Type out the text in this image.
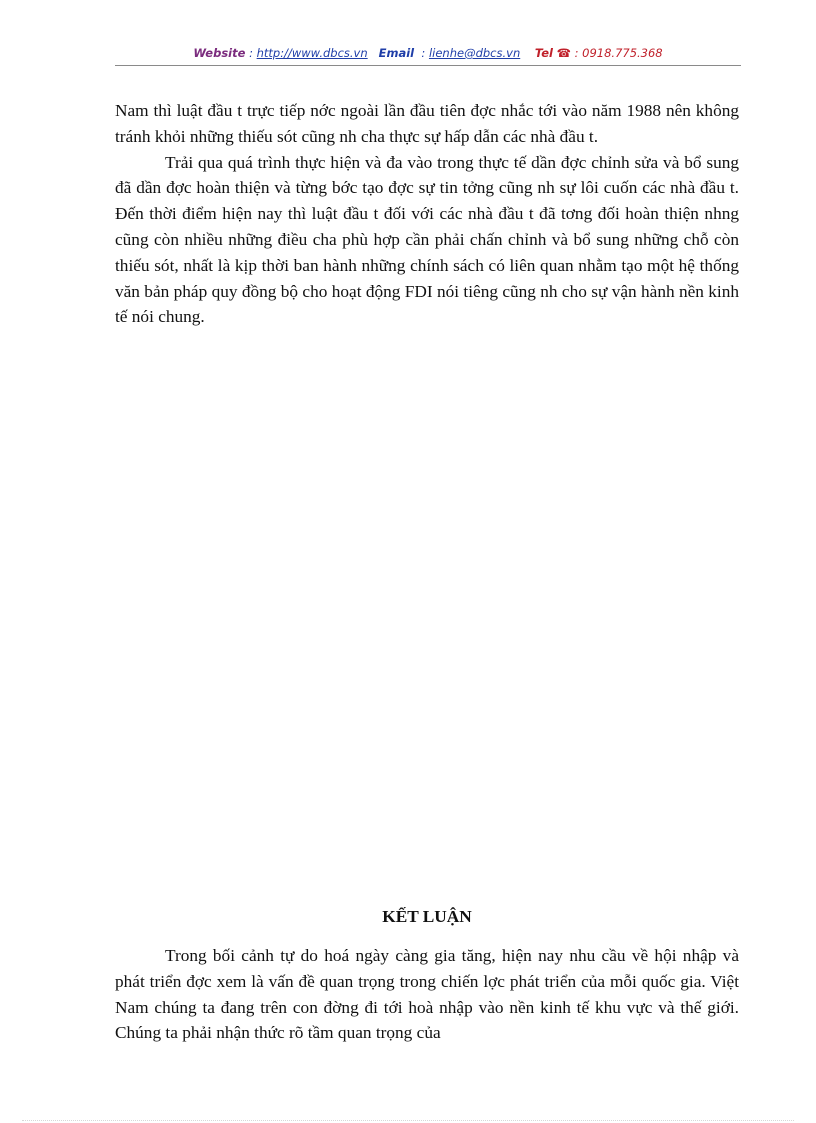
Website : http://www.dbcs.vn Email  : lienhe@dbcs.vn Tel ☎ : 0918.775.368

Nam thì luật đầu t trực tiếp nớc ngoài lần đầu tiên đợc nhắc tới vào năm 1988 nên không tránh khỏi những thiếu sót cũng nh cha thực sự hấp dẫn các nhà đầu t.

Trải qua quá trình thực hiện và đa vào trong thực tế dần đợc chỉnh sửa và bổ sung đã dần đợc hoàn thiện và từng bớc tạo đợc sự tin tởng cũng nh sự lôi cuốn các nhà đầu t. Đến thời điểm hiện nay thì luật đầu t đối với các nhà đầu t đã tơng đối hoàn thiện nhng cũng còn nhiều những điều cha phù hợp cần phải chấn chỉnh và bổ sung những chỗ còn thiếu sót, nhất là kịp thời ban hành những chính sách có liên quan nhằm tạo một hệ thống văn bản pháp quy đồng bộ cho hoạt động FDI nói tiêng cũng nh cho sự vận hành nền kinh tế nói chung.

KẾT LUẬN

Trong bối cảnh tự do hoá ngày càng gia tăng, hiện nay nhu cầu về hội nhập và phát triển đợc xem là vấn đề quan trọng trong chiến lợc phát triển của mỗi quốc gia. Việt Nam chúng ta đang trên con đờng đi tới hoà nhập vào nền kinh tế khu vực và thế giới. Chúng ta phải nhận thức rõ tầm quan trọng của
